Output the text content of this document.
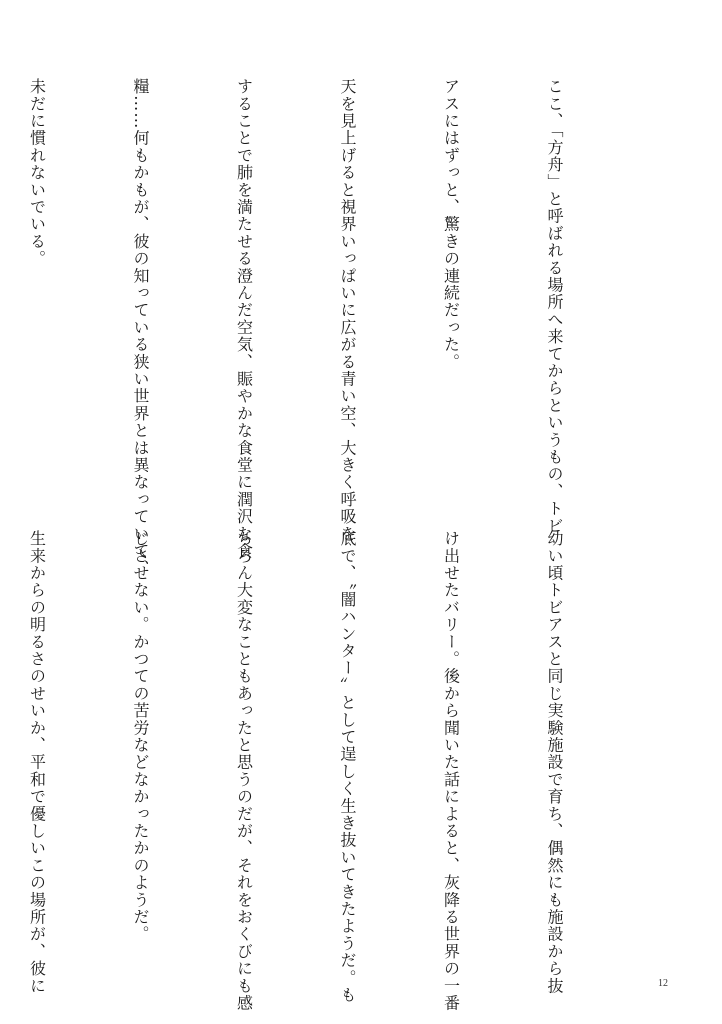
ここ、「方舟」と呼ばれる場所へ来てからというもの、トビ

アスにはずっと、驚きの連続だった。

天を見上げると視界いっぱいに広がる青い空、大きく呼吸を

することで肺を満たせる澄んだ空気、賑やかな食堂に潤沢な食

糧……何もかもが、彼の知っている狭い世界とは異なっていて、

未だに慣れないでいる。

幼い頃トビアスと同じ実験施設で育ち、偶然にも施設から抜

け出せたバリー。後から聞いた話によると、灰降る世界の一番

底で、〝闇ハンター〟として逞しく生き抜いてきたようだ。も

ちろん大変なこともあったと思うのだが、それをおくびにも感

じさせない。かつての苦労などなかったかのようだ。

生来からの明るさのせいか、平和で優しいこの場所が、彼に

	12
